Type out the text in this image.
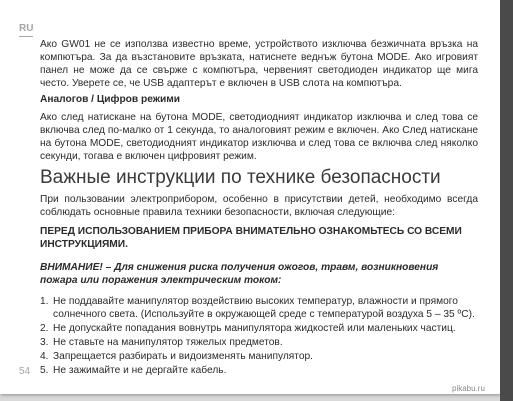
RU

Ако GW01 не се използва известно време, устройството изключва безжичната връзка на компютъра. За да възстановите връзката, натиснете веднъж бутона MODE. Ако игровият панел не може да се свърже с компютъра, червеният светодиоден индикатор ще мига често. Уверете се, че USB адаптерът е включен в USB слота на компютъра.

Аналогов / Цифров режими

Ако след натискане на бутона MODE, светодиодният индикатор изключва и след това се включва след по-малко от 1 секунда, то аналоговият режим е включен. Ако След натискане на бутона MODE, светодиодният индикатор изключва и след това се включва след няколко секунди, тогава е включен цифровият режим.

Важные инструкции по технике безопасности

При пользовании электроприбором, особенно в присутствии детей, необходимо всегда соблюдать основные правила техники безопасности, включая следующие:

ПЕРЕД ИСПОЛЬЗОВАНИЕМ ПРИБОРА ВНИМАТЕЛЬНО ОЗНАКОМЬТЕСЬ СО ВСЕМИ ИНСТРУКЦИЯМИ.

ВНИМАНИЕ! – Для снижения риска получения ожогов, травм, возникновения пожара или поражения электрическим током:

1. Не поддавайте манипулятор воздействию высоких температур, влажности и прямого солнечного света. (Используйте в окружающей среде с температурой воздуха 5 – 35 ºC).
2. Не допускайте попадания вовнутрь манипулятора жидкостей или маленьких частиц.
3. Не ставьте на манипулятор тяжелых предметов.
4. Запрещается разбирать и видоизменять манипулятор.
5. Не зажимайте и не дергайте кабель.
54
pikabu.ru
